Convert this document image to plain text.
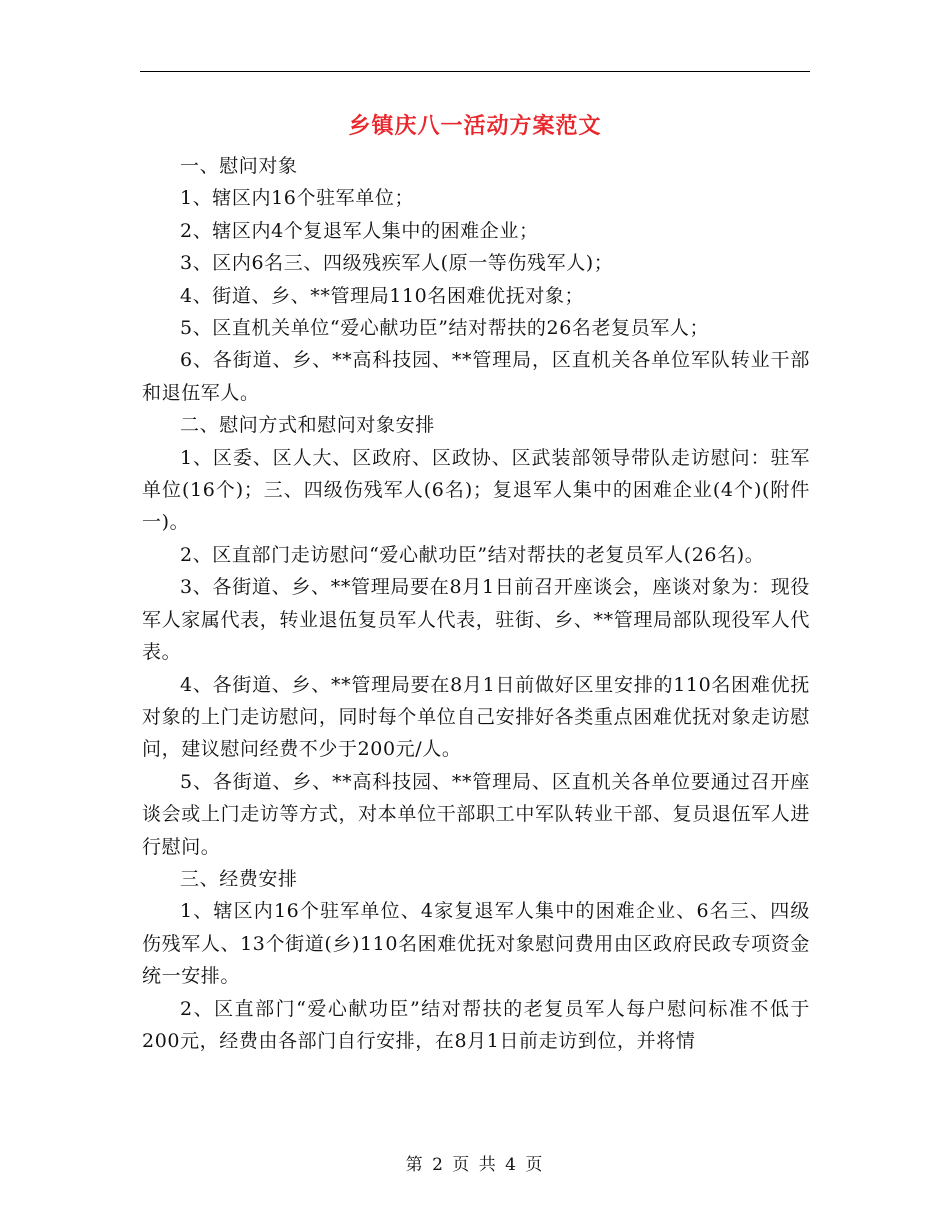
乡镇庆八一活动方案范文

一、慰问对象

1、辖区内16个驻军单位；

2、辖区内4个复退军人集中的困难企业；

3、区内6名三、四级残疾军人(原一等伤残军人)；

4、街道、乡、**管理局110名困难优抚对象；

5、区直机关单位“爱心献功臣”结对帮扶的26名老复员军人；

6、各街道、乡、**高科技园、**管理局，区直机关各单位军队转业干部和退伍军人。

二、慰问方式和慰问对象安排

1、区委、区人大、区政府、区政协、区武装部领导带队走访慰问：驻军单位(16个)；三、四级伤残军人(6名)；复退军人集中的困难企业(4个)(附件一)。

2、区直部门走访慰问“爱心献功臣”结对帮扶的老复员军人(26名)。

3、各街道、乡、**管理局要在8月1日前召开座谈会，座谈对象为：现役军人家属代表，转业退伍复员军人代表，驻街、乡、**管理局部队现役军人代表。

4、各街道、乡、**管理局要在8月1日前做好区里安排的110名困难优抚对象的上门走访慰问，同时每个单位自己安排好各类重点困难优抚对象走访慰问，建议慰问经费不少于200元/人。

5、各街道、乡、**高科技园、**管理局、区直机关各单位要通过召开座谈会或上门走访等方式，对本单位干部职工中军队转业干部、复员退伍军人进行慰问。

三、经费安排

1、辖区内16个驻军单位、4家复退军人集中的困难企业、6名三、四级伤残军人、13个街道(乡)110名困难优抚对象慰问费用由区政府民政专项资金统一安排。

2、区直部门“爱心献功臣”结对帮扶的老复员军人每户慰问标准不低于200元，经费由各部门自行安排，在8月1日前走访到位，并将情

第 2 页 共 4 页
